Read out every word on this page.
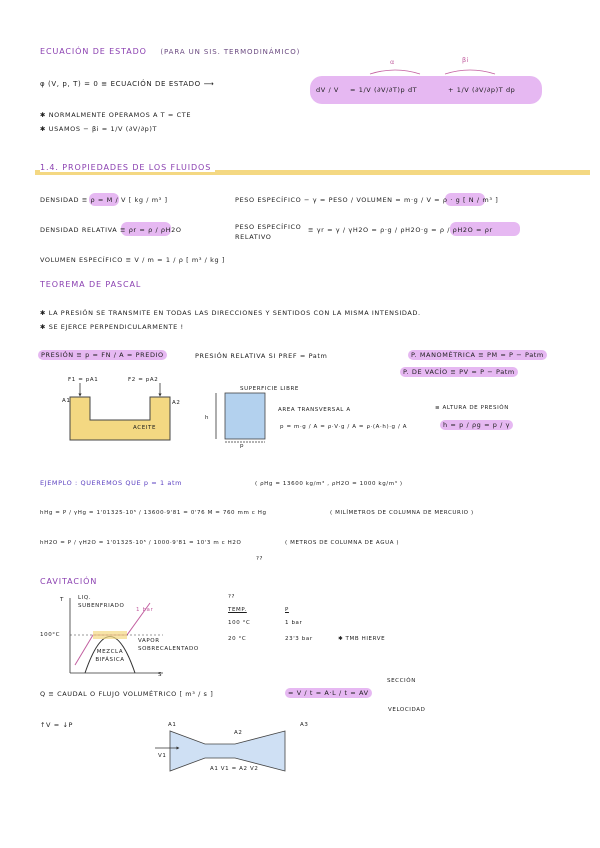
ECUACIÓN DE ESTADO (PARA UN SIS. TERMODINÁMICO)
φ (V, p, T) = 0 ≡ ECUACIÓN DE ESTADO ⟶
α	βi
dV / V = 1/V (∂V/∂T)p dT	+ 1/V (∂V/∂p)T dp
✱ NORMALMENTE OPERAMOS A T = CTE
✱ USAMOS − βi = 1/V (∂V/∂p)T
1.4. PROPIEDADES DE LOS FLUIDOS
DENSIDAD ≡ ρ = M / V [ kg / m³ ]	PESO ESPECÍFICO − γ = PESO / VOLUMEN = m·g / V = ρ · g [ N / m³ ]
DENSIDAD RELATIVA ≡ ρr = ρ / ρH2O	PESO ESPECÍFICO RELATIVO
≡ γr = γ / γH2O = ρ·g / ρH2O·g = ρ / ρH2O = ρr
VOLUMEN ESPECÍFICO ≡ V / m = 1 / ρ [ m³ / kg ]
TEOREMA DE PASCAL
✱ LA PRESIÓN SE TRANSMITE EN TODAS LAS DIRECCIONES Y SENTIDOS CON LA MISMA INTENSIDAD.
✱ SE EJERCE PERPENDICULARMENTE !
PRESIÓN ≡ p = FN / A = PREDIO	PRESIÓN RELATIVA SI PREF = Patm	P. MANOMÉTRICA ≡ PM = P − Patm
P. DE VACÍO ≡ PV = P − Patm
F1 = pA1	F2 = pA2
A1	A2
ACEITE
SUPERFICIE LIBRE
h
p
AREA TRANSVERSAL A
p = m·g / A = ρ·V·g / A = ρ·(A·h)·g / A
≡ ALTURA DE PRESIÓN
h = p / ρg = p / γ
EJEMPLO : QUEREMOS QUE p = 1 atm	( ρHg = 13600 kg/m³ , ρH2O = 1000 kg/m³ )
hHg = P / γHg = 1'01325·10⁵ / 13600·9'81 = 0'76 M = 760 mm c Hg	( MILÍMETROS DE COLUMNA DE MERCURIO )
hH2O = P / γH2O = 1'01325·10⁵ / 1000·9'81 = 10'3 m c H2O	( METROS DE COLUMNA DE AGUA )
??
CAVITACIÓN
T
S
LIQ. SUBENFRIADO
1 bar
100°C
MEZCLA BIFÁSICA
VAPOR SOBRECALENTADO
??
TEMP.	P
100 °C	1 bar
20 °C	23'3 bar	✱ TMB HIERVE
Q ≡ CAUDAL O FLUJO VOLUMÉTRICO [ m³ / s ]	= V / t = A·L / t = AV
SECCIÓN
VELOCIDAD
↑V = ↓P	A1
A2
A3
V1
A1 V1 = A2 V2
